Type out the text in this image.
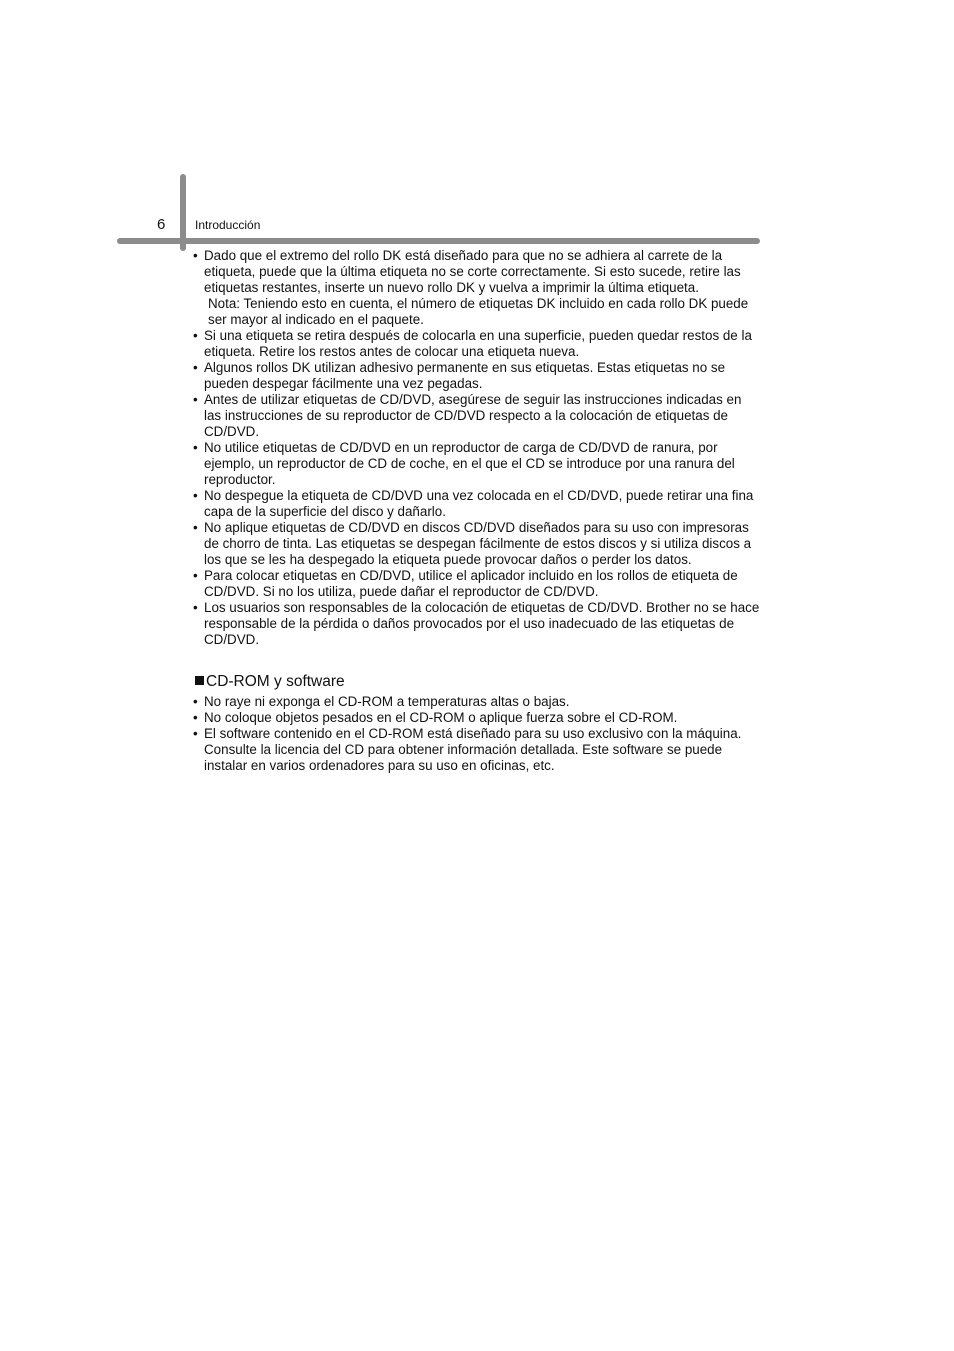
6 Introducción
• Dado que el extremo del rollo DK está diseñado para que no se adhiera al carrete de la etiqueta, puede que la última etiqueta no se corte correctamente. Si esto sucede, retire las etiquetas restantes, inserte un nuevo rollo DK y vuelva a imprimir la última etiqueta.
Nota: Teniendo esto en cuenta, el número de etiquetas DK incluido en cada rollo DK puede ser mayor al indicado en el paquete.
• Si una etiqueta se retira después de colocarla en una superficie, pueden quedar restos de la etiqueta. Retire los restos antes de colocar una etiqueta nueva.
• Algunos rollos DK utilizan adhesivo permanente en sus etiquetas. Estas etiquetas no se pueden despegar fácilmente una vez pegadas.
• Antes de utilizar etiquetas de CD/DVD, asegúrese de seguir las instrucciones indicadas en las instrucciones de su reproductor de CD/DVD respecto a la colocación de etiquetas de CD/DVD.
• No utilice etiquetas de CD/DVD en un reproductor de carga de CD/DVD de ranura, por ejemplo, un reproductor de CD de coche, en el que el CD se introduce por una ranura del reproductor.
• No despegue la etiqueta de CD/DVD una vez colocada en el CD/DVD, puede retirar una fina capa de la superficie del disco y dañarlo.
• No aplique etiquetas de CD/DVD en discos CD/DVD diseñados para su uso con impresoras de chorro de tinta. Las etiquetas se despegan fácilmente de estos discos y si utiliza discos a los que se les ha despegado la etiqueta puede provocar daños o perder los datos.
• Para colocar etiquetas en CD/DVD, utilice el aplicador incluido en los rollos de etiqueta de CD/DVD. Si no los utiliza, puede dañar el reproductor de CD/DVD.
• Los usuarios son responsables de la colocación de etiquetas de CD/DVD. Brother no se hace responsable de la pérdida o daños provocados por el uso inadecuado de las etiquetas de CD/DVD.
CD-ROM y software
• No raye ni exponga el CD-ROM a temperaturas altas o bajas.
• No coloque objetos pesados en el CD-ROM o aplique fuerza sobre el CD-ROM.
• El software contenido en el CD-ROM está diseñado para su uso exclusivo con la máquina. Consulte la licencia del CD para obtener información detallada. Este software se puede instalar en varios ordenadores para su uso en oficinas, etc.
